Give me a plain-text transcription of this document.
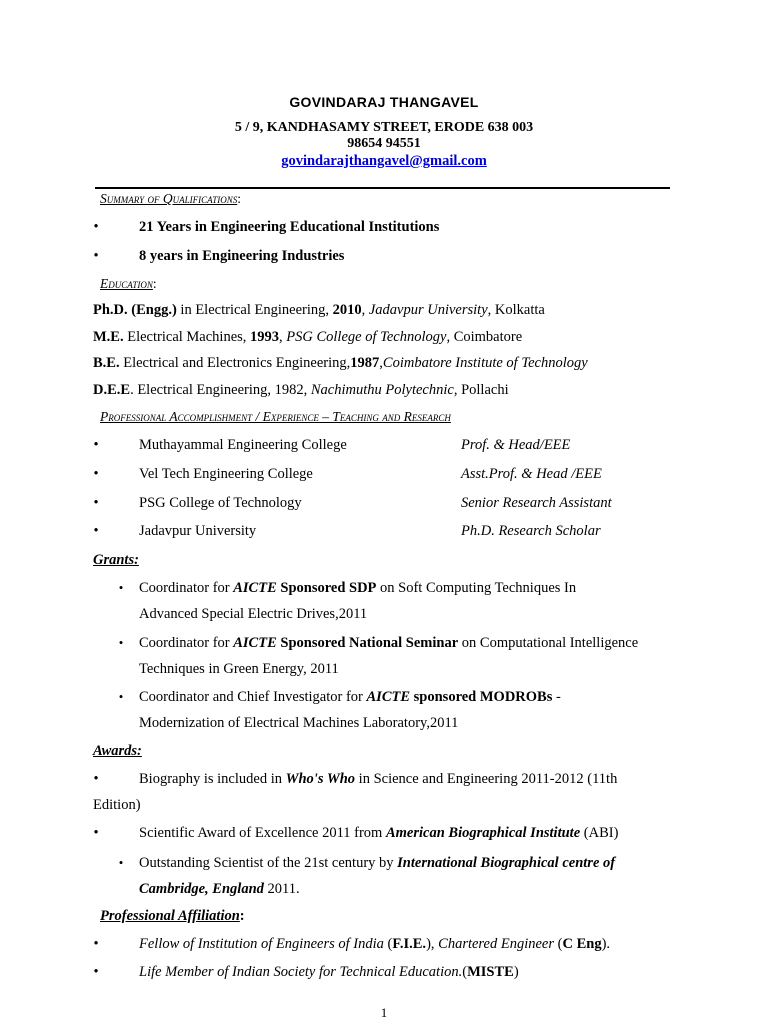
GOVINDARAJ THANGAVEL
5 / 9, KANDHASAMY STREET, ERODE 638 003
98654 94551
govindarajthangavel@gmail.com
Summary of Qualifications:
•
21 Years in Engineering Educational Institutions
•
8 years in Engineering Industries
Education:
Ph.D. (Engg.) in Electrical Engineering, 2010, Jadavpur University, Kolkatta
M.E. Electrical Machines, 1993, PSG College of Technology, Coimbatore
B.E. Electrical and Electronics Engineering,1987,Coimbatore Institute of Technology
D.E.E. Electrical Engineering, 1982, Nachimuthu Polytechnic, Pollachi
Professional Accomplishment / Experience – Teaching and Research
•
Muthayammal Engineering College	Prof. & Head/EEE
•
Vel Tech Engineering College	Asst.Prof. & Head /EEE
•
PSG College of Technology	Senior Research Assistant
•
Jadavpur University	Ph.D. Research Scholar
Grants:
•
Coordinator for AICTE Sponsored SDP on Soft Computing Techniques In
Advanced Special Electric Drives,2011
•
Coordinator for AICTE Sponsored National Seminar on Computational Intelligence
Techniques in Green Energy, 2011
•
Coordinator and Chief Investigator for AICTE sponsored MODROBs -
Modernization of Electrical Machines Laboratory,2011
Awards:
•
Biography is included in Who's Who in Science and Engineering 2011-2012 (11th
Edition)
•
Scientific Award of Excellence 2011 from American Biographical Institute (ABI)
•
Outstanding Scientist of the 21st century by International Biographical centre of
Cambridge, England 2011.
Professional Affiliation:
•
Fellow of Institution of Engineers of India (F.I.E.), Chartered Engineer (C Eng).
•
Life Member of Indian Society for Technical Education.(MISTE)
1
